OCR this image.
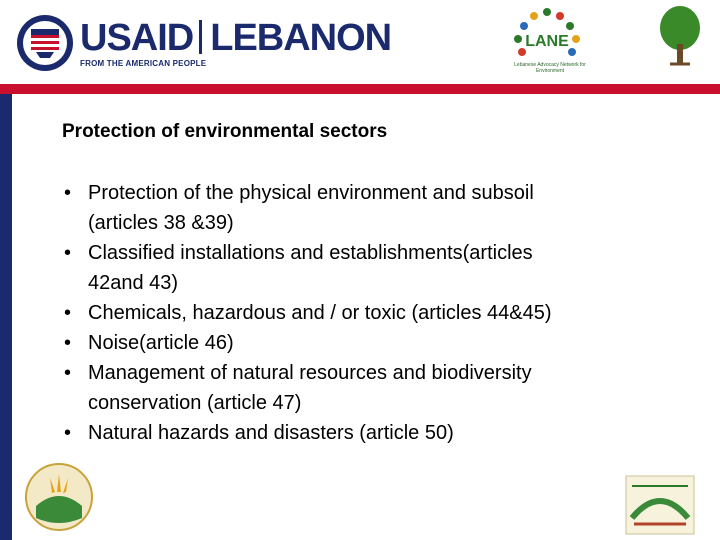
USAID LEBANON
FROM THE AMERICAN PEOPLE
LANE
Lebanese Advocacy Network for Environment
Protection of environmental sectors
• Protection of the physical environment and subsoil
(articles 38 &39)
• Classified installations and establishments(articles
42and 43)
• Chemicals, hazardous and / or toxic (articles 44&45)
• Noise(article 46)
• Management of natural resources and biodiversity
conservation (article 47)
• Natural hazards and disasters (article 50)
